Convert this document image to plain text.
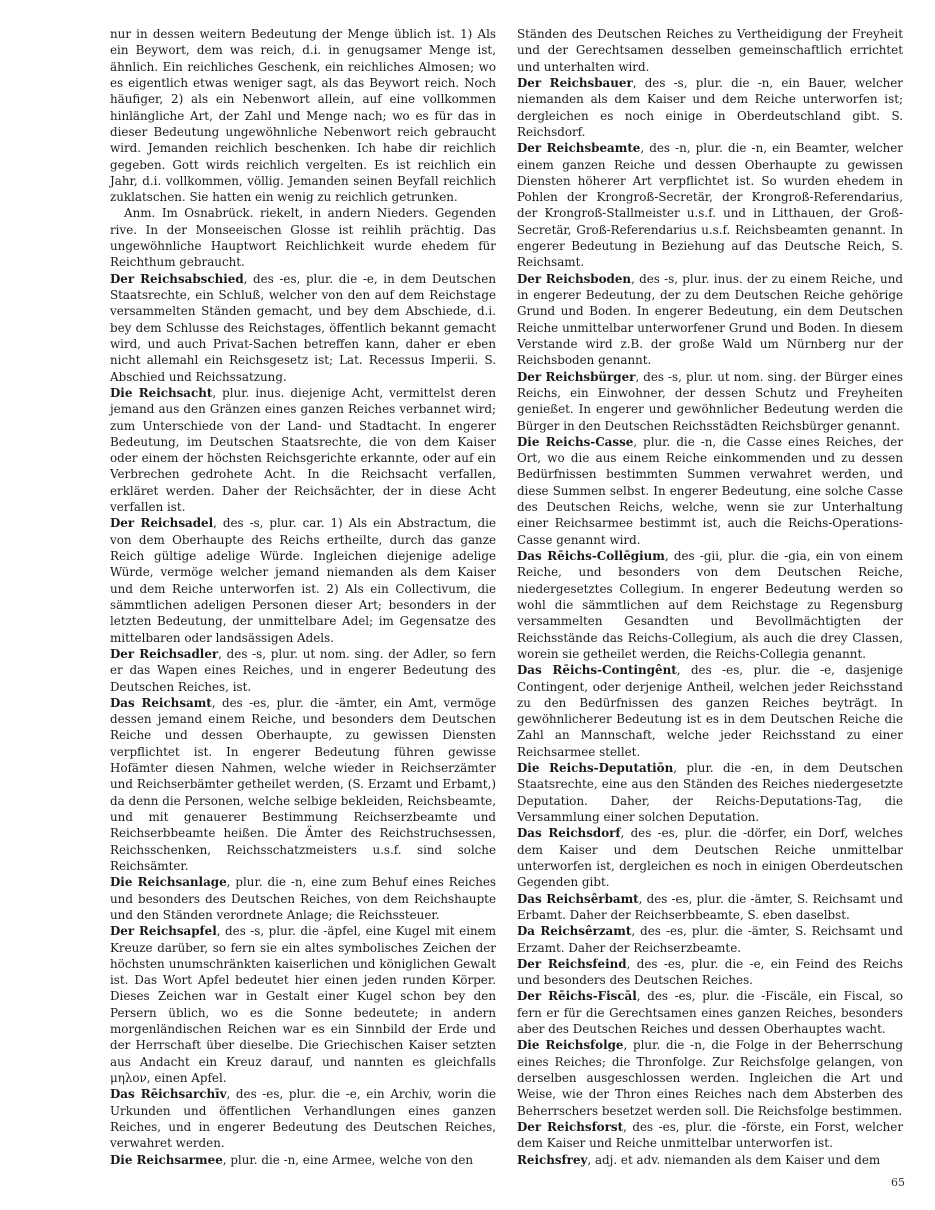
nur in dessen weitern Bedeutung der Menge üblich ist. 1) Als ein Beywort, dem was reich, d.i. in genugsamer Menge ist, ähnlich. Ein reichliches Geschenk, ein reichliches Almosen; wo es eigentlich etwas weniger sagt, als das Beywort reich. Noch häufiger, 2) als ein Nebenwort allein, auf eine vollkommen hinlängliche Art, der Zahl und Menge nach; wo es für das in dieser Bedeutung ungewöhnliche Nebenwort reich gebraucht wird. Jemanden reichlich beschenken. Ich habe dir reichlich gegeben. Gott wirds reichlich vergelten. Es ist reichlich ein Jahr, d.i. vollkommen, völlig. Jemanden seinen Beyfall reichlich zuklatschen. Sie hatten ein wenig zu reichlich getrunken.

Anm. Im Osnabrück. riekelt, in andern Nieders. Gegenden rive. In der Monseeischen Glosse ist reihlih prächtig. Das ungewöhnliche Hauptwort Reichlichkeit wurde ehedem für Reichthum gebraucht.

Der Reichsabschied, des -es, plur. die -e, in dem Deutschen Staatsrechte, ein Schluß, welcher von den auf dem Reichstage versammelten Ständen gemacht, und bey dem Abschiede, d.i. bey dem Schlusse des Reichstages, öffentlich bekannt gemacht wird, und auch Privat-Sachen betreffen kann, daher er eben nicht allemahl ein Reichsgesetz ist; Lat. Recessus Imperii. S. Abschied und Reichssatzung.

Die Reichsacht, plur. inus. diejenige Acht, vermittelst deren jemand aus den Gränzen eines ganzen Reiches verbannet wird; zum Unterschiede von der Land- und Stadtacht. In engerer Bedeutung, im Deutschen Staatsrechte, die von dem Kaiser oder einem der höchsten Reichsgerichte erkannte, oder auf ein Verbrechen gedrohete Acht. In die Reichsacht verfallen, erkläret werden. Daher der Reichsächter, der in diese Acht verfallen ist.

Der Reichsadel, des -s, plur. car. 1) Als ein Abstractum, die von dem Oberhaupte des Reichs ertheilte, durch das ganze Reich gültige adelige Würde. Ingleichen diejenige adelige Würde, vermöge welcher jemand niemanden als dem Kaiser und dem Reiche unterworfen ist. 2) Als ein Collectivum, die sämmtlichen adeligen Personen dieser Art; besonders in der letzten Bedeutung, der unmittelbare Adel; im Gegensatze des mittelbaren oder landsässigen Adels.

Der Reichsadler, des -s, plur. ut nom. sing. der Adler, so fern er das Wapen eines Reiches, und in engerer Bedeutung des Deutschen Reiches, ist.

Das Reichsamt, des -es, plur. die -ämter, ein Amt, vermöge dessen jemand einem Reiche, und besonders dem Deutschen Reiche und dessen Oberhaupte, zu gewissen Diensten verpflichtet ist. In engerer Bedeutung führen gewisse Hofämter diesen Nahmen, welche wieder in Reichserzämter und Reichserbämter getheilet werden, (S. Erzamt und Erbamt,) da denn die Personen, welche selbige bekleiden, Reichsbeamte, und mit genauerer Bestimmung Reichserzbeamte und Reichserbbeamte heißen. Die Ämter des Reichstruchsessen, Reichsschenken, Reichsschatzmeisters u.s.f. sind solche Reichsämter.

Die Reichsanlage, plur. die -n, eine zum Behuf eines Reiches und besonders des Deutschen Reiches, von dem Reichshaupte und den Ständen verordnete Anlage; die Reichssteuer.

Der Reichsapfel, des -s, plur. die -äpfel, eine Kugel mit einem Kreuze darüber, so fern sie ein altes symbolisches Zeichen der höchsten unumschränkten kaiserlichen und königlichen Gewalt ist. Das Wort Apfel bedeutet hier einen jeden runden Körper. Dieses Zeichen war in Gestalt einer Kugel schon bey den Persern üblich, wo es die Sonne bedeutete; in andern morgenländischen Reichen war es ein Sinnbild der Erde und der Herrschaft über dieselbe. Die Griechischen Kaiser setzten aus Andacht ein Kreuz darauf, und nannten es gleichfalls μηλον, einen Apfel.

Das Rēichsarchīv, des -es, plur. die -e, ein Archiv, worin die Urkunden und öffentlichen Verhandlungen eines ganzen Reiches, und in engerer Bedeutung des Deutschen Reiches, verwahret werden.

Die Reichsarmee, plur. die -n, eine Armee, welche von den

Ständen des Deutschen Reiches zu Vertheidigung der Freyheit und der Gerechtsamen desselben gemeinschaftlich errichtet und unterhalten wird.

Der Reichsbauer, des -s, plur. die -n, ein Bauer, welcher niemanden als dem Kaiser und dem Reiche unterworfen ist; dergleichen es noch einige in Oberdeutschland gibt. S. Reichsdorf.

Der Reichsbeamte, des -n, plur. die -n, ein Beamter, welcher einem ganzen Reiche und dessen Oberhaupte zu gewissen Diensten höherer Art verpflichtet ist. So wurden ehedem in Pohlen der Krongroß-Secretär, der Krongroß-Referendarius, der Krongroß-Stallmeister u.s.f. und in Litthauen, der Groß-Secretär, Groß-Referendarius u.s.f. Reichsbeamten genannt. In engerer Bedeutung in Beziehung auf das Deutsche Reich, S. Reichsamt.

Der Reichsboden, des -s, plur. inus. der zu einem Reiche, und in engerer Bedeutung, der zu dem Deutschen Reiche gehörige Grund und Boden. In engerer Bedeutung, ein dem Deutschen Reiche unmittelbar unterworfener Grund und Boden. In diesem Verstande wird z.B. der große Wald um Nürnberg nur der Reichsboden genannt.

Der Reichsbürger, des -s, plur. ut nom. sing. der Bürger eines Reichs, ein Einwohner, der dessen Schutz und Freyheiten genießet. In engerer und gewöhnlicher Bedeutung werden die Bürger in den Deutschen Reichsstädten Reichsbürger genannt.

Die Reichs-Casse, plur. die -n, die Casse eines Reiches, der Ort, wo die aus einem Reiche einkommenden und zu dessen Bedürfnissen bestimmten Summen verwahret werden, und diese Summen selbst. In engerer Bedeutung, eine solche Casse des Deutschen Reichs, welche, wenn sie zur Unterhaltung einer Reichsarmee bestimmt ist, auch die Reichs-Operations-Casse genannt wird.

Das Rēichs-Collēgium, des -gii, plur. die -gia, ein von einem Reiche, und besonders von dem Deutschen Reiche, niedergesetztes Collegium. In engerer Bedeutung werden so wohl die sämmtlichen auf dem Reichstage zu Regensburg versammelten Gesandten und Bevollmächtigten der Reichsstände das Reichs-Collegium, als auch die drey Classen, worein sie getheilet werden, die Reichs-Collegia genannt.

Das Rēichs-Contingênt, des -es, plur. die -e, dasjenige Contingent, oder derjenige Antheil, welchen jeder Reichsstand zu den Bedürfnissen des ganzen Reiches beyträgt. In gewöhnlicherer Bedeutung ist es in dem Deutschen Reiche die Zahl an Mannschaft, welche jeder Reichsstand zu einer Reichsarmee stellet.

Die Reichs-Deputatiōn, plur. die -en, in dem Deutschen Staatsrechte, eine aus den Ständen des Reiches niedergesetzte Deputation. Daher, der Reichs-Deputations-Tag, die Versammlung einer solchen Deputation.

Das Reichsdorf, des -es, plur. die -dörfer, ein Dorf, welches dem Kaiser und dem Deutschen Reiche unmittelbar unterworfen ist, dergleichen es noch in einigen Oberdeutschen Gegenden gibt.

Das Reichsêrbamt, des -es, plur. die -ämter, S. Reichsamt und Erbamt. Daher der Reichserbbeamte, S. eben daselbst.

Da Reichsêrzamt, des -es, plur. die -ämter, S. Reichsamt und Erzamt. Daher der Reichserzbeamte.

Der Reichsfeind, des -es, plur. die -e, ein Feind des Reichs und besonders des Deutschen Reiches.

Der Rēichs-Fiscāl, des -es, plur. die -Fiscäle, ein Fiscal, so fern er für die Gerechtsamen eines ganzen Reiches, besonders aber des Deutschen Reiches und dessen Oberhauptes wacht.

Die Reichsfolge, plur. die -n, die Folge in der Beherrschung eines Reiches; die Thronfolge. Zur Reichsfolge gelangen, von derselben ausgeschlossen werden. Ingleichen die Art und Weise, wie der Thron eines Reiches nach dem Absterben des Beherrschers besetzet werden soll. Die Reichsfolge bestimmen.

Der Reichsforst, des -es, plur. die -förste, ein Forst, welcher dem Kaiser und Reiche unmittelbar unterworfen ist.

Reichsfrey, adj. et adv. niemanden als dem Kaiser und dem

65
